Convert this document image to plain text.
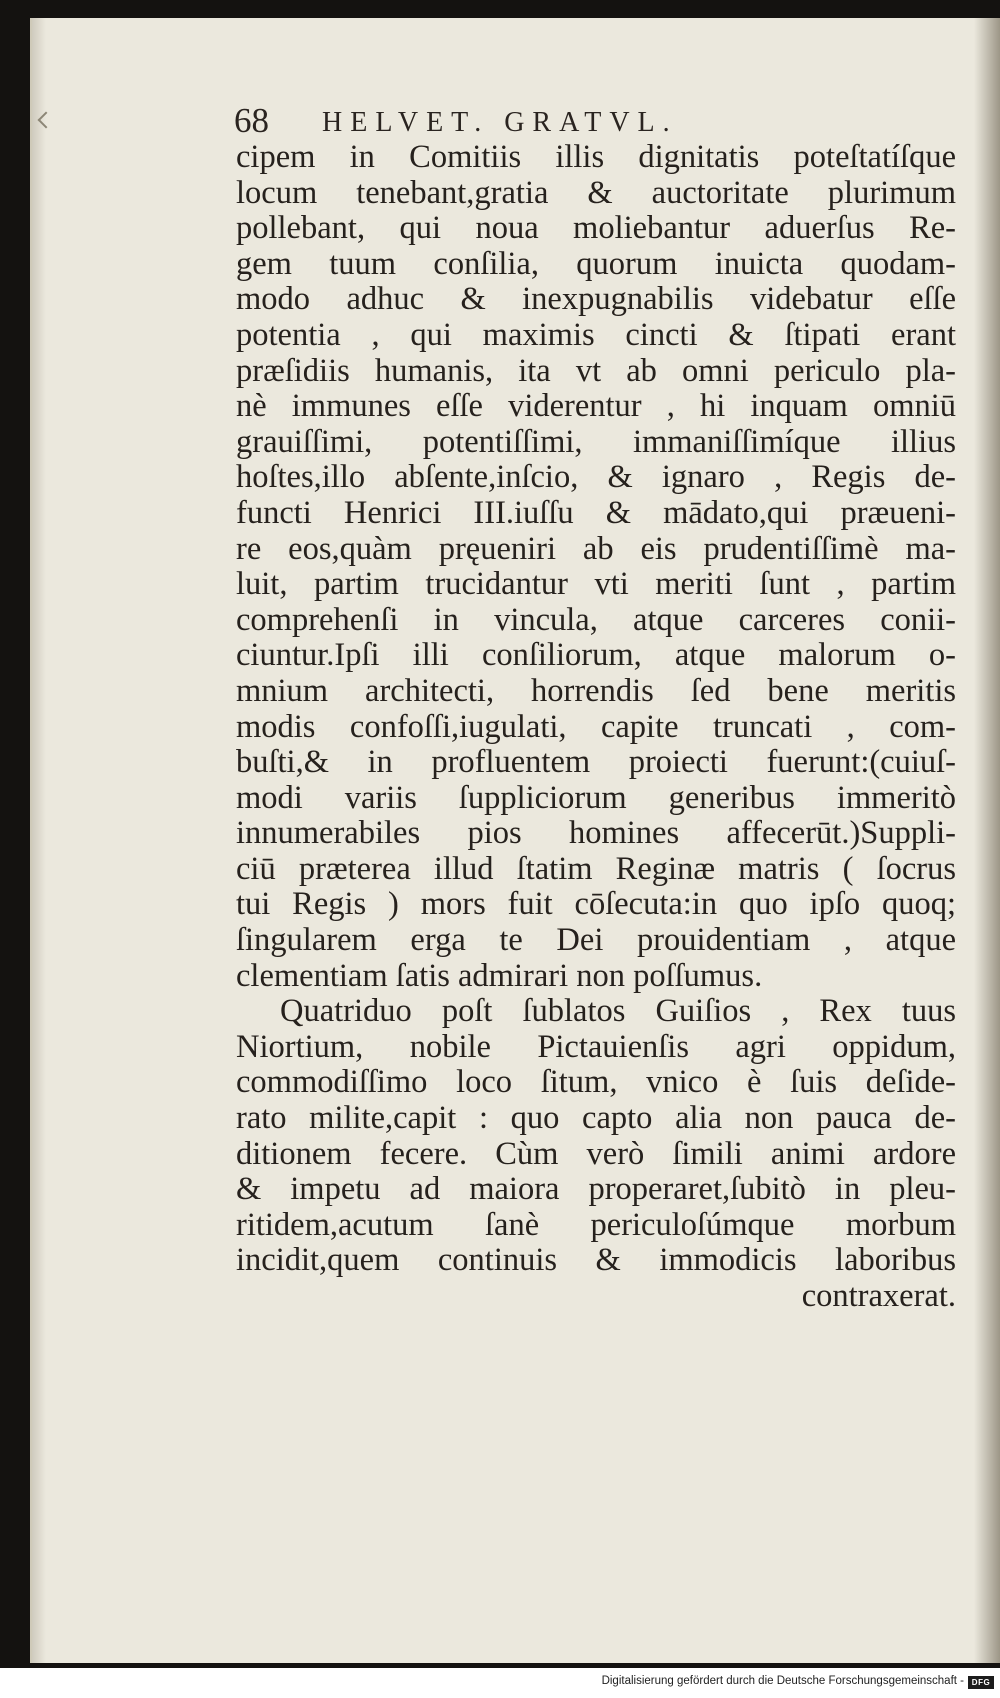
68 HELVET. GRATVL.
cipem in Comitiis illis dignitatis poteſtatíſque
locum tenebant,gratia & auctoritate plurimum
pollebant, qui noua moliebantur aduerſus Re-
gem tuum conſilia, quorum inuicta quodam-
modo adhuc & inexpugnabilis videbatur eſſe
potentia , qui maximis cincti & ſtipati erant
præſidiis humanis, ita vt ab omni periculo pla-
nè immunes eſſe viderentur , hi inquam omniū
grauiſſimi, potentiſſimi, immaniſſimíque illius
hoſtes,illo abſente,inſcio, & ignaro , Regis de-
functi Henrici III.iuſſu & mādato,qui præueni-
re eos,quàm pręueniri ab eis prudentiſſimè ma-
luit, partim trucidantur vti meriti ſunt , partim
comprehenſi in vincula, atque carceres conii-
ciuntur.Ipſi illi conſiliorum, atque malorum o-
mnium architecti, horrendis ſed bene meritis
modis confoſſi,iugulati, capite truncati , com-
buſti,& in profluentem proiecti fuerunt:(cuiuſ-
modi variis ſuppliciorum generibus immeritò
innumerabiles pios homines affecerūt.)Suppli-
ciū præterea illud ſtatim Reginæ matris ( ſocrus
tui Regis ) mors fuit cōſecuta:in quo ipſo quoq;
ſingularem erga te Dei prouidentiam , atque
clementiam ſatis admirari non poſſumus.
Quatriduo poſt ſublatos Guiſios , Rex tuus
Niortium, nobile Pictauienſis agri oppidum,
commodiſſimo loco ſitum, vnico è ſuis deſide-
rato milite,capit : quo capto alia non pauca de-
ditionem fecere. Cùm verò ſimili animi ardore
& impetu ad maiora properaret,ſubitò in pleu-
ritidem,acutum ſanè periculoſúmque morbum
incidit,quem continuis & immodicis laboribus
contraxerat.
Digitalisierung gefördert durch die Deutsche Forschungsgemeinschaft - DFG
